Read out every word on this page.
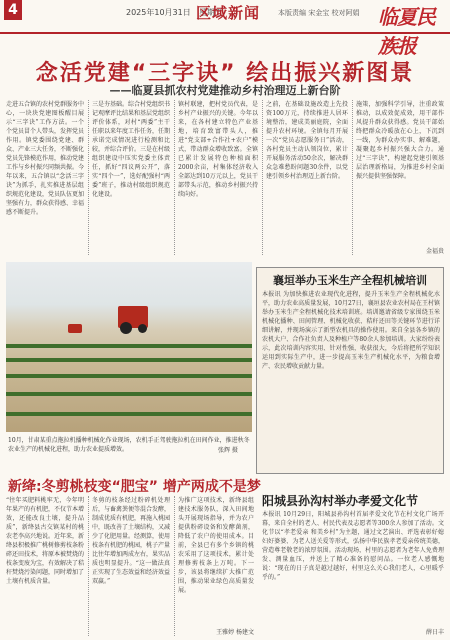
4	2025年10月31日　星期五
区域新闻	本版责编 宋金宝 校对阿娟 临夏民族报
念活党建“三字诀” 绘出振兴新图景
——临夏县抓农村党建推动乡村治理迈上新台阶
走进五合镇的农村党群服务中心，一块块党建图板醒目展示“三字诀”工作方法。一个个党员冒个人带头，发挥党员作用。镇党委围绕党建、群众、产业三大任务，不断强化党员先锋模范作用，推动党建工作与乡村振兴同频共振。今年以来，五合镇以“念活三字诀”为抓手，扎实推进基层组织规范化建设，党员队伍更加坚强有力，群众获得感、幸福感不断提升。
三是夯基础。综合村党组织书记观摩评比结果和基层党组织评价体系，对村“两委”主干任职以来年度工作任务，任期承诺完成情况进行检测和比较，并综合评价。三是在村级组织建设中压实党委主体责任，抓好“四议两公开”，落实“四个一”，选好配强村“两委”班子，推动村级组织规范化建设。
镇村联建，把村党员代表，是乡村产业振兴的关键。今年以来，在各村建立特色产业基地，培育致富带头人，推进“党支部+合作社+农户”模式，带动群众增收致富。全镇已累计发展特色种植面积2000余亩，村集体经济收入全部达到10万元以上，党员干部带头示范，推动乡村振兴持续向好。
之前，在基础设施改造上先投资100万元，持续推进人居环境整治，建成美丽庭院，全面提升农村环境。全镇每月开展一次“党员志愿服务日”活动，各村党员主动认领岗位，累计开展服务活动50余次，解决群众急难愁盼问题30余件，以党建引领乡村治理迈上新台阶。
施策，加强科学引导，注重政策推动，以成效促成效，用干部作风提升群众获得感。党员干部始终把群众冷暖放在心上，下沉到一线，为群众办实事、解难题，凝聚起乡村振兴强大合力。通过“三字诀”，构建起党建引领基层治理新格局，为推进乡村全面振兴提供坚强保障。
金福贵
10月，甘肃某重点拖拉机播种机械化作业现场，农机手正驾驶拖拉机在田间作业，推进秋冬农业生产的机械化进程，助力农业提质增效。	张辉 摄
襄垣举办玉米生产全程机械培训
本报讯 为加快推进农业现代化进程，提升玉米生产全程机械化水平，助力农业高质量发展，10月27日，襄垣县农业农村局在王村镇举办玉米生产全程机械化技术培训班。培训邀请省级专家围绕玉米机械化播种、田间管理、机械化收获、秸秆还田等关键环节进行详细讲解，并现场演示了新型农机具的操作使用。来自全县各乡镇的农机大户、合作社负责人及种植户等80余人参加培训。大家纷纷表示，此次培训内容实用、针对性强，收获很大，今后将把所学知识运用到实际生产中，进一步提高玉米生产机械化水平，为粮食增产、农民增收贡献力量。
新绛:冬剪桃枝变“肥宝” 增产两成不是梦
“往年买肥料桃牢无，今年明年果产的有机肥，不仅节本增效，还能改良土壤，提升品质”，新绛县古交镇某村的桃农老李高兴地说。近年来，新绛县积极推广桃树修剪枝条粉碎还田技术，将原本被焚烧的枝条变废为宝，有效解决了秸秆焚烧污染问题，同时增加了土壤有机质含量。
冬剪的枝条经过粉碎机处理后，与畜禽粪便等混合发酵，制成优质有机肥，再施入桃园中，既改善了土壤结构，又减少了化肥用量。经测算，使用枝条有机肥的桃园，桃子产量比往年增加两成左右，果实品质也明显提升。“这一做法真正实现了生态效益和经济效益双赢。”
为推广这项技术，新绛县组建技术服务队，深入田间地头开展现场指导，并为农户提供粉碎设备和发酵菌剂，降低了农户的使用成本。目前，全县已有多个乡镇的桃农采用了这项技术，累计处理修剪枝条上万吨。下一步，该县将继续扩大推广范围，推动果业绿色高质量发展。
王雅婷 杨建文
阳城县孙沟村举办孝爱文化节
本报讯 10月29日，阳城县孙沟村首届孝爱文化节在村文化广场开幕，来自全村的老人、村民代表及志愿者等300余人参加了活动。文化节以“孝老爱亲 和美乡村”为主题，通过文艺演出、评选表彰好媳妇好婆婆、为老人送关爱等形式，弘扬中华民族孝老爱亲传统美德，营造尊老敬老的浓厚氛围。活动现场，村里的志愿者为老年人免费理发、测量血压，并送上了精心准备的慰问品。一位老人感慨地说：“现在的日子真是越过越好，村里这么关心我们老人，心里暖乎乎的。”
薛日丰
